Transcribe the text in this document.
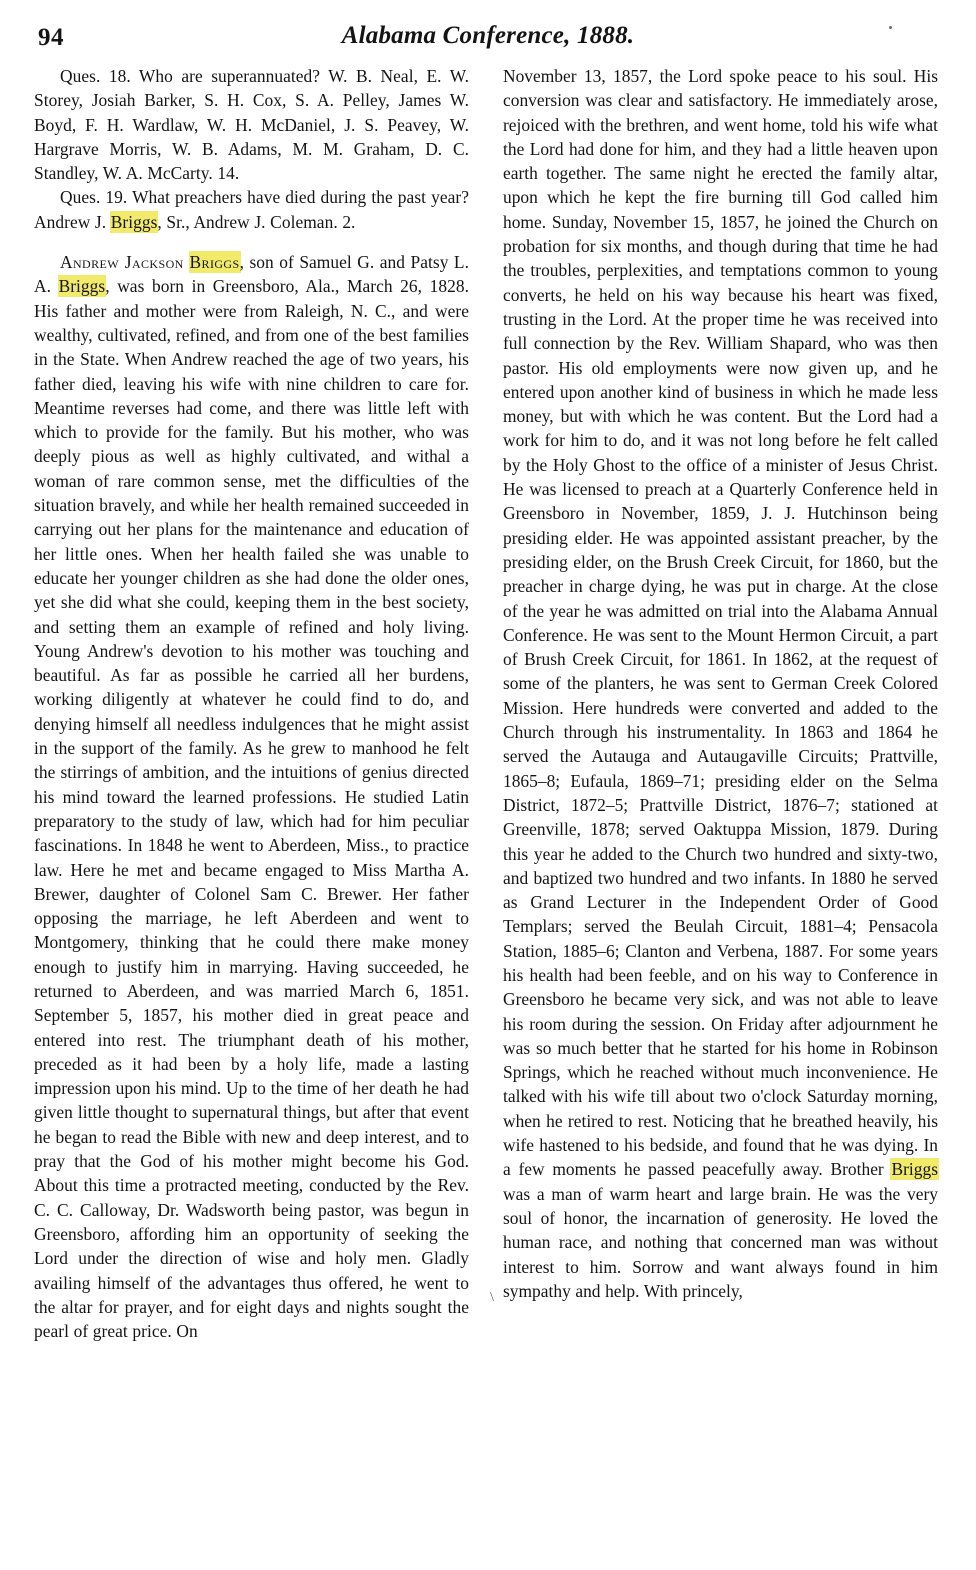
94	Alabama Conference, 1888.

Ques. 18. Who are superannuated? W. B. Neal, E. W. Storey, Josiah Barker, S. H. Cox, S. A. Pelley, James W. Boyd, F. H. Wardlaw, W. H. McDaniel, J. S. Peavey, W. Hargrave Morris, W. B. Adams, M. M. Graham, D. C. Standley, W. A. McCarty. 14.

Ques. 19. What preachers have died during the past year? Andrew J. Briggs, Sr., Andrew J. Coleman. 2.

Andrew Jackson Briggs, son of Samuel G. and Patsy L. A. Briggs, was born in Greensboro, Ala., March 26, 1828. His father and mother were from Raleigh, N. C., and were wealthy, cultivated, refined, and from one of the best families in the State. When Andrew reached the age of two years, his father died, leaving his wife with nine children to care for. Meantime reverses had come, and there was little left with which to provide for the family. But his mother, who was deeply pious as well as highly cultivated, and withal a woman of rare common sense, met the difficulties of the situation bravely, and while her health remained succeeded in carrying out her plans for the maintenance and education of her little ones. When her health failed she was unable to educate her younger children as she had done the older ones, yet she did what she could, keeping them in the best society, and setting them an example of refined and holy living. Young Andrew's devotion to his mother was touching and beautiful. As far as possible he carried all her burdens, working diligently at whatever he could find to do, and denying himself all needless indulgences that he might assist in the support of the family. As he grew to manhood he felt the stirrings of ambition, and the intuitions of genius directed his mind toward the learned professions. He studied Latin preparatory to the study of law, which had for him peculiar fascinations. In 1848 he went to Aberdeen, Miss., to practice law. Here he met and became engaged to Miss Martha A. Brewer, daughter of Colonel Sam C. Brewer. Her father opposing the marriage, he left Aberdeen and went to Montgomery, thinking that he could there make money enough to justify him in marrying. Having succeeded, he returned to Aberdeen, and was married March 6, 1851. September 5, 1857, his mother died in great peace and entered into rest. The triumphant death of his mother, preceded as it had been by a holy life, made a lasting impression upon his mind. Up to the time of her death he had given little thought to supernatural things, but after that event he began to read the Bible with new and deep interest, and to pray that the God of his mother might become his God. About this time a protracted meeting, conducted by the Rev. C. C. Calloway, Dr. Wadsworth being pastor, was begun in Greensboro, affording him an opportunity of seeking the Lord under the direction of wise and holy men. Gladly availing himself of the advantages thus offered, he went to the altar for prayer, and for eight days and nights sought the pearl of great price. On

November 13, 1857, the Lord spoke peace to his soul. His conversion was clear and satisfactory. He immediately arose, rejoiced with the brethren, and went home, told his wife what the Lord had done for him, and they had a little heaven upon earth together. The same night he erected the family altar, upon which he kept the fire burning till God called him home. Sunday, November 15, 1857, he joined the Church on probation for six months, and though during that time he had the troubles, perplexities, and temptations common to young converts, he held on his way because his heart was fixed, trusting in the Lord. At the proper time he was received into full connection by the Rev. William Shapard, who was then pastor. His old employments were now given up, and he entered upon another kind of business in which he made less money, but with which he was content. But the Lord had a work for him to do, and it was not long before he felt called by the Holy Ghost to the office of a minister of Jesus Christ. He was licensed to preach at a Quarterly Conference held in Greensboro in November, 1859, J. J. Hutchinson being presiding elder. He was appointed assistant preacher, by the presiding elder, on the Brush Creek Circuit, for 1860, but the preacher in charge dying, he was put in charge. At the close of the year he was admitted on trial into the Alabama Annual Conference. He was sent to the Mount Hermon Circuit, a part of Brush Creek Circuit, for 1861. In 1862, at the request of some of the planters, he was sent to German Creek Colored Mission. Here hundreds were converted and added to the Church through his instrumentality. In 1863 and 1864 he served the Autauga and Autaugaville Circuits; Prattville, 1865–8; Eufaula, 1869–71; presiding elder on the Selma District, 1872–5; Prattville District, 1876–7; stationed at Greenville, 1878; served Oaktuppa Mission, 1879. During this year he added to the Church two hundred and sixty-two, and baptized two hundred and two infants. In 1880 he served as Grand Lecturer in the Independent Order of Good Templars; served the Beulah Circuit, 1881–4; Pensacola Station, 1885–6; Clanton and Verbena, 1887. For some years his health had been feeble, and on his way to Conference in Greensboro he became very sick, and was not able to leave his room during the session. On Friday after adjournment he was so much better that he started for his home in Robinson Springs, which he reached without much inconvenience. He talked with his wife till about two o'clock Saturday morning, when he retired to rest. Noticing that he breathed heavily, his wife hastened to his bedside, and found that he was dying. In a few moments he passed peacefully away. Brother Briggs was a man of warm heart and large brain. He was the very soul of honor, the incarnation of generosity. He loved the human race, and nothing that concerned man was without interest to him. Sorrow and want always found in him sympathy and help. With princely,

\
